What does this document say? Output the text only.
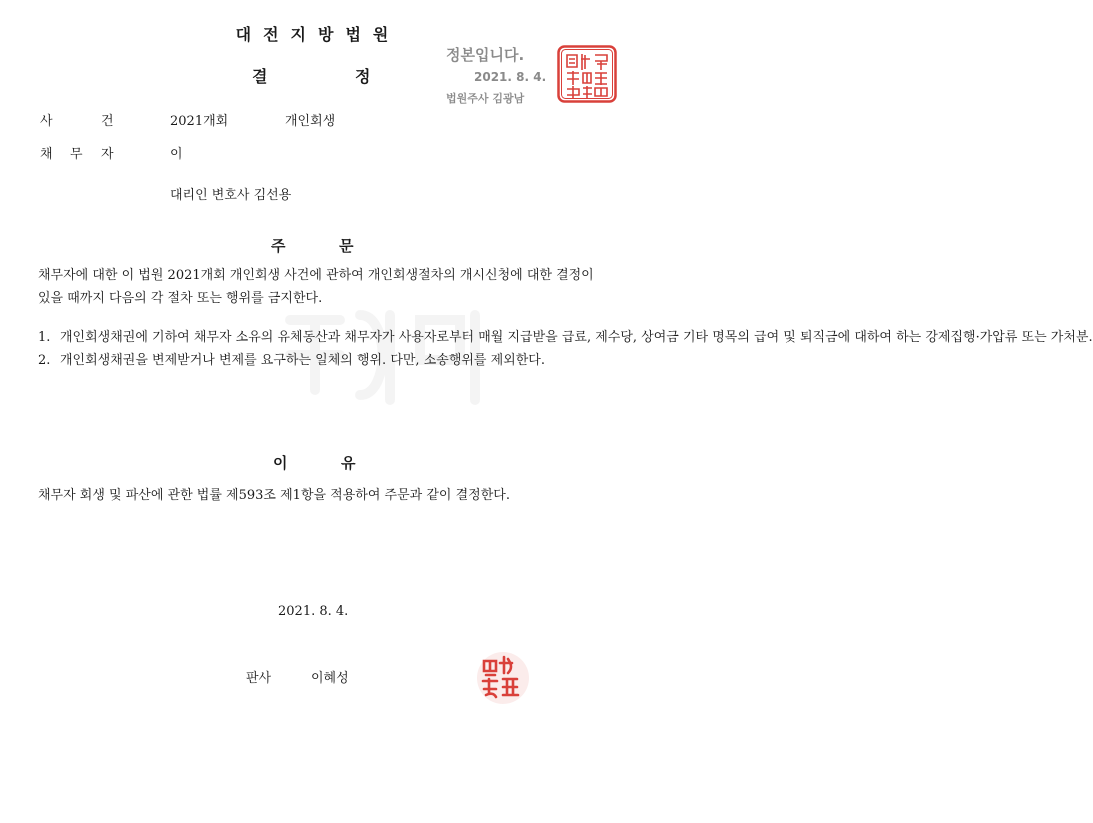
대전지방법원
결	정
정본입니다.
2021. 8. 4.
법원주사 김광남
사	건	2021개회	개인회생
채 무 자	이
대리인 변호사 김선용
주	문
채무자에 대한 이 법원 2021개회 개인회생 사건에 관하여 개인회생절차의 개시신청에 대한 결정이 있을 때까지 다음의 각 절차 또는 행위를 금지한다.
1. 개인회생채권에 기하여 채무자 소유의 유체동산과 채무자가 사용자로부터 매월 지급받을 급료, 제수당, 상여금 기타 명목의 급여 및 퇴직금에 대하여 하는 강제집행·가압류 또는 가처분.
2. 개인회생채권을 변제받거나 변제를 요구하는 일체의 행위. 다만, 소송행위를 제외한다.
이	유
채무자 회생 및 파산에 관한 법률 제593조 제1항을 적용하여 주문과 같이 결정한다.
2021. 8. 4.
판사	이혜성
